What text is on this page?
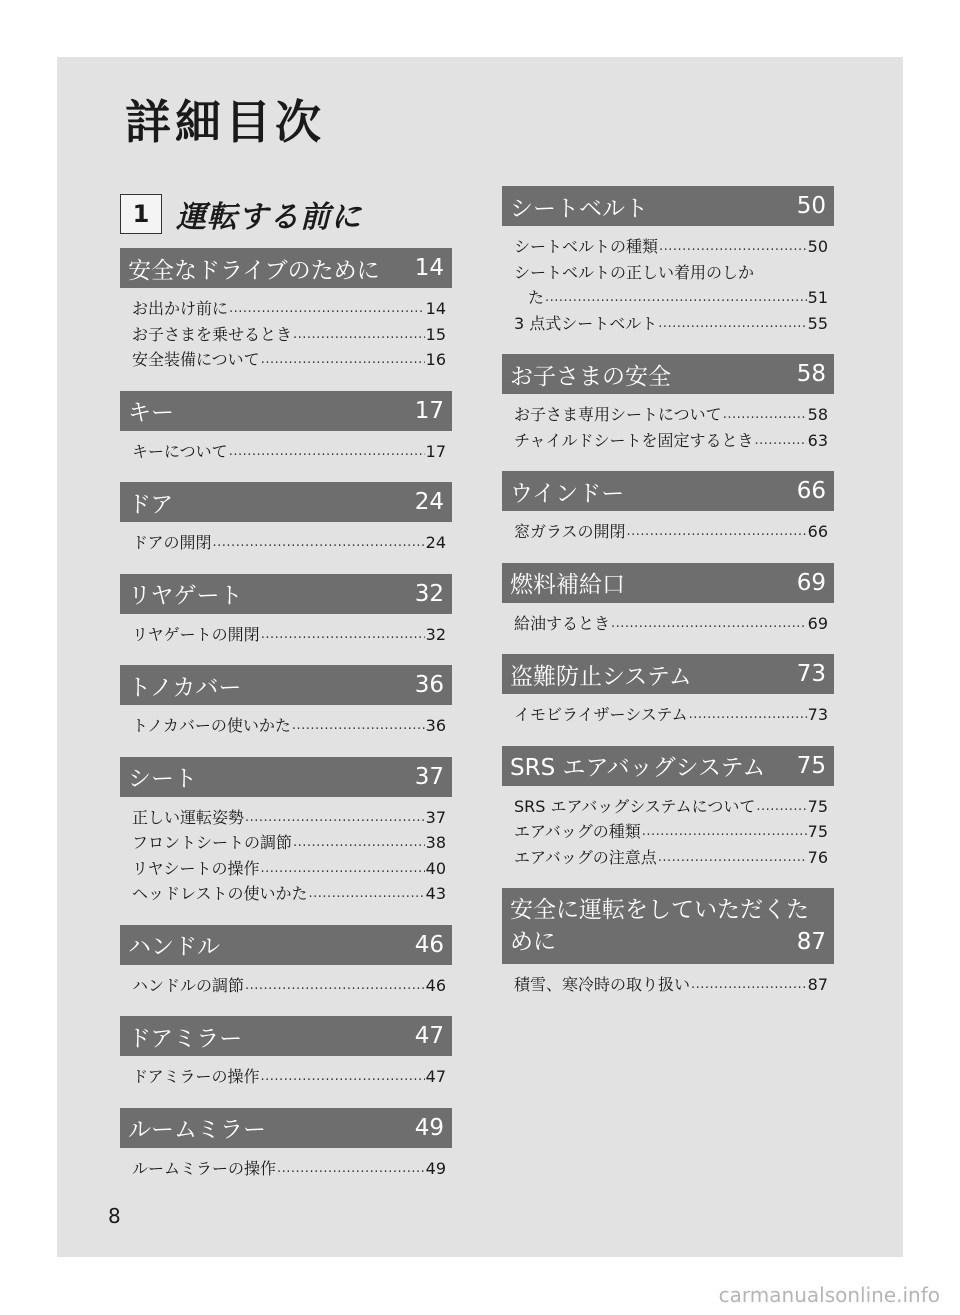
詳細目次
1 運転する前に
安全なドライブのために 14
お出かけ前に .....	14
お子さまを乗せるとき .....	15
安全装備について .....	16
キー	17
キーについて .....	17
ドア	24
ドアの開閉 .....	24
リヤゲート	32
リヤゲートの開閉 .....	32
トノカバー	36
トノカバーの使いかた .....	36
シート	37
正しい運転姿勢 .....	37
フロントシートの調節 .....	38
リヤシートの操作 .....	40
ヘッドレストの使いかた .....	43
ハンドル	46
ハンドルの調節 .....	46
ドアミラー	47
ドアミラーの操作 .....	47
ルームミラー	49
ルームミラーの操作 .....	49
シートベルト	50
シートベルトの種類 .....	50
シートベルトの正しい着用のしか
た .....	51
3 点式シートベルト .....	55
お子さまの安全	58
お子さま専用シートについて .....	58
チャイルドシートを固定するとき .....	63
ウインドー	66
窓ガラスの開閉 .....	66
燃料補給口	69
給油するとき .....	69
盗難防止システム	73
イモビライザーシステム .....	73
SRS エアバッグシステム 75
SRS エアバッグシステムについて .....	75
エアバッグの種類 .....	75
エアバッグの注意点 .....	76
安全に運転をしていただくた
めに	87
積雪、寒冷時の取り扱い .....	87
8
carmanualsonline.info
